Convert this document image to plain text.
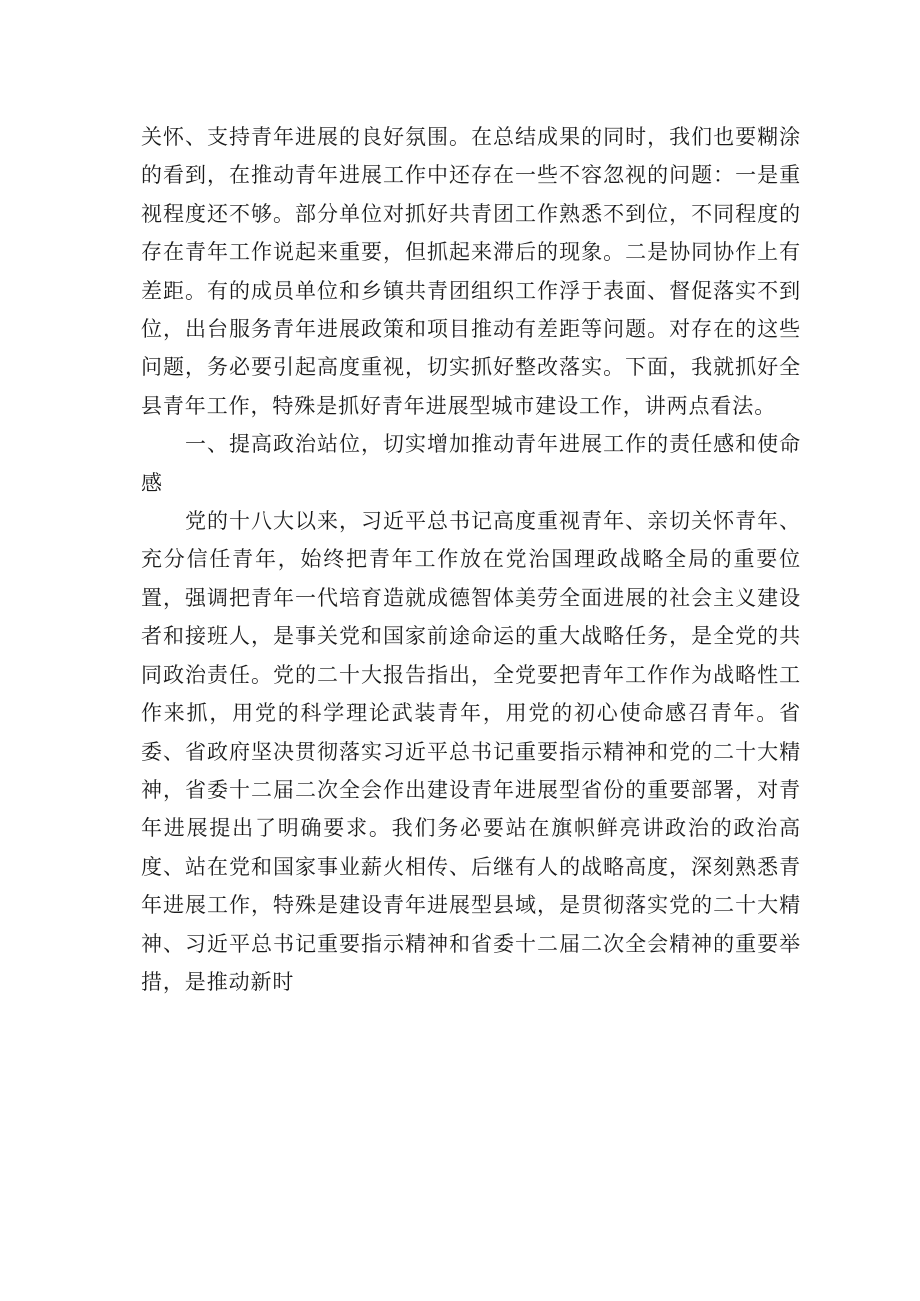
关怀、支持青年进展的良好氛围。在总结成果的同时，我们也要糊涂的看到，在推动青年进展工作中还存在一些不容忽视的问题：一是重视程度还不够。部分单位对抓好共青团工作熟悉不到位，不同程度的存在青年工作说起来重要，但抓起来滞后的现象。二是协同协作上有差距。有的成员单位和乡镇共青团组织工作浮于表面、督促落实不到位，出台服务青年进展政策和项目推动有差距等问题。对存在的这些问题，务必要引起高度重视，切实抓好整改落实。下面，我就抓好全县青年工作，特殊是抓好青年进展型城市建设工作，讲两点看法。

一、提高政治站位，切实增加推动青年进展工作的责任感和使命感

党的十八大以来，习近平总书记高度重视青年、亲切关怀青年、充分信任青年，始终把青年工作放在党治国理政战略全局的重要位置，强调把青年一代培育造就成德智体美劳全面进展的社会主义建设者和接班人，是事关党和国家前途命运的重大战略任务，是全党的共同政治责任。党的二十大报告指出，全党要把青年工作作为战略性工作来抓，用党的科学理论武装青年，用党的初心使命感召青年。省委、省政府坚决贯彻落实习近平总书记重要指示精神和党的二十大精神，省委十二届二次全会作出建设青年进展型省份的重要部署，对青年进展提出了明确要求。我们务必要站在旗帜鲜亮讲政治的政治高度、站在党和国家事业薪火相传、后继有人的战略高度，深刻熟悉青年进展工作，特殊是建设青年进展型县域，是贯彻落实党的二十大精神、习近平总书记重要指示精神和省委十二届二次全会精神的重要举措，是推动新时
